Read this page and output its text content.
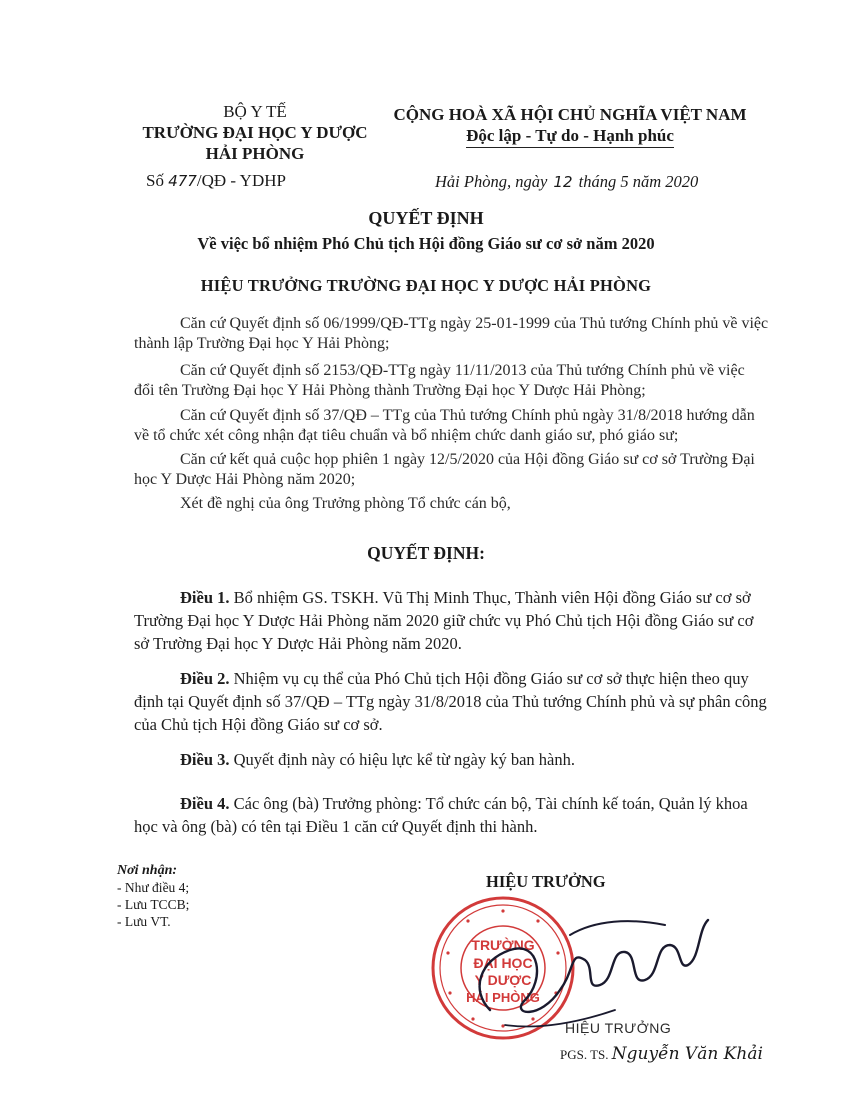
BỘ Y TẾ
TRƯỜNG ĐẠI HỌC Y DƯỢC
HẢI PHÒNG
Số 477/QĐ - YDHP
CỘNG HOÀ XÃ HỘI CHỦ NGHĨA VIỆT NAM
Độc lập - Tự do - Hạnh phúc
Hải Phòng, ngày 12 tháng 5 năm 2020
QUYẾT ĐỊNH
Về việc bổ nhiệm Phó Chủ tịch Hội đồng Giáo sư cơ sở năm 2020
HIỆU TRƯỞNG TRƯỜNG ĐẠI HỌC Y DƯỢC HẢI PHÒNG
Căn cứ Quyết định số 06/1999/QĐ-TTg ngày 25-01-1999 của Thủ tướng Chính phủ về việc thành lập Trường Đại học Y Hải Phòng;
Căn cứ Quyết định số 2153/QĐ-TTg ngày 11/11/2013 của Thủ tướng Chính phủ về việc đổi tên Trường Đại học Y Hải Phòng thành Trường Đại học Y Dược Hải Phòng;
Căn cứ Quyết định số 37/QĐ – TTg của Thủ tướng Chính phủ ngày 31/8/2018 hướng dẫn về tổ chức xét công nhận đạt tiêu chuẩn và bổ nhiệm chức danh giáo sư, phó giáo sư;
Căn cứ kết quả cuộc họp phiên 1 ngày 12/5/2020 của Hội đồng Giáo sư cơ sở Trường Đại học Y Dược Hải Phòng năm 2020;
Xét đề nghị của ông Trưởng phòng Tổ chức cán bộ,
QUYẾT ĐỊNH:
Điều 1. Bổ nhiệm GS. TSKH. Vũ Thị Minh Thục, Thành viên Hội đồng Giáo sư cơ sở Trường Đại học Y Dược Hải Phòng năm 2020 giữ chức vụ Phó Chủ tịch Hội đồng Giáo sư cơ sở Trường Đại học Y Dược Hải Phòng năm 2020.
Điều 2. Nhiệm vụ cụ thể của Phó Chủ tịch Hội đồng Giáo sư cơ sở thực hiện theo quy định tại Quyết định số 37/QĐ – TTg ngày 31/8/2018 của Thủ tướng Chính phủ và sự phân công của Chủ tịch Hội đồng Giáo sư cơ sở.
Điều 3. Quyết định này có hiệu lực kể từ ngày ký ban hành.
Điều 4. Các ông (bà) Trưởng phòng: Tổ chức cán bộ, Tài chính kế toán, Quản lý khoa học và ông (bà) có tên tại Điều 1 căn cứ Quyết định thi hành.
Nơi nhận:
- Như điều 4;
- Lưu TCCB;
- Lưu VT.
HIỆU TRƯỞNG
TRƯỜNG
ĐẠI HỌC
Y DƯỢC
HẢI PHÒNG
HIỆU TRƯỞNG
PGS. TS. Nguyễn Văn Khải
